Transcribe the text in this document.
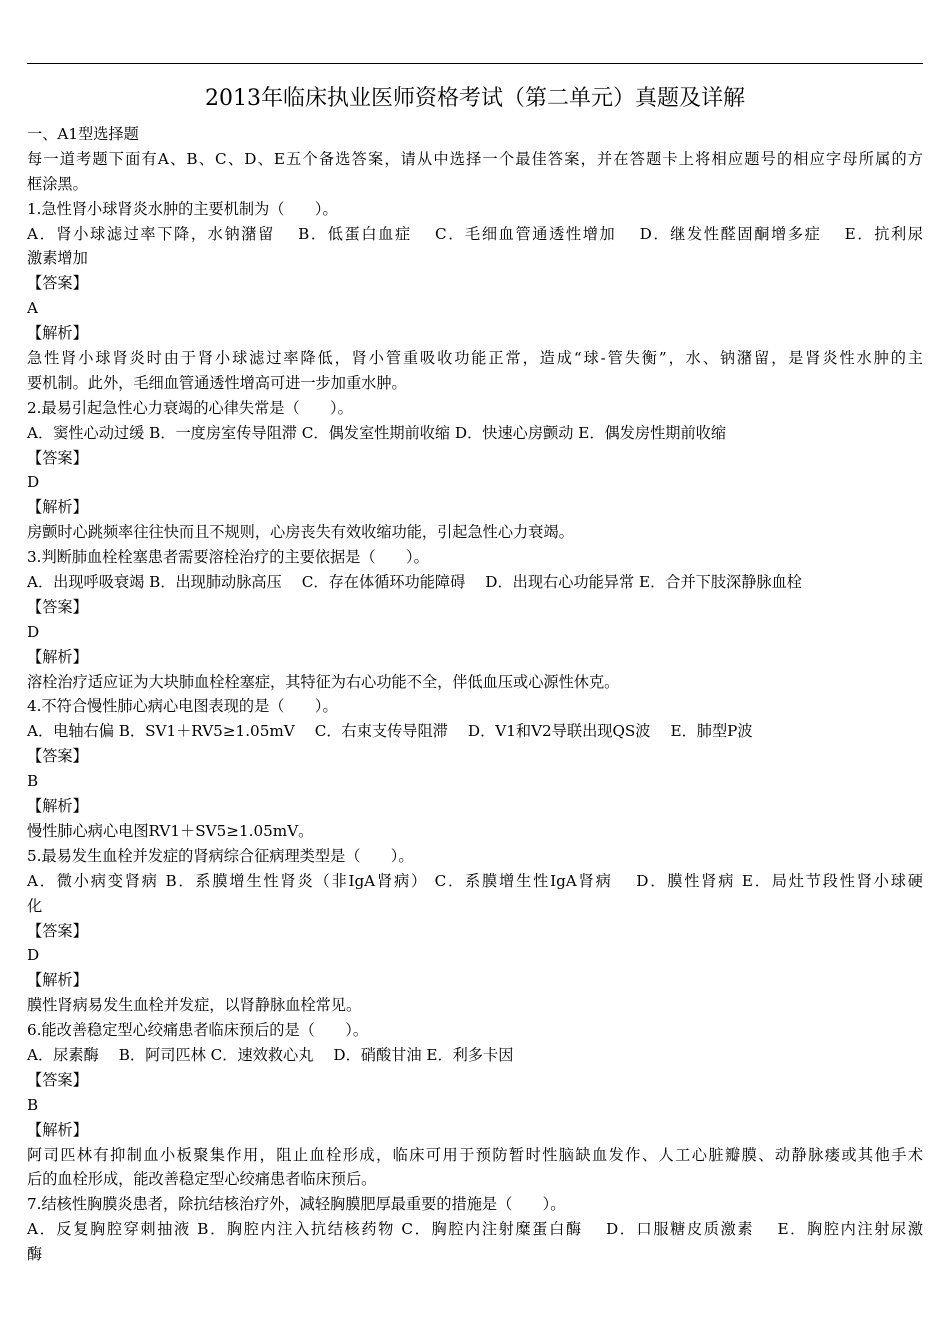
2013年临床执业医师资格考试（第二单元）真题及详解
一、A1型选择题
每一道考题下面有A、B、C、D、E五个备选答案，请从中选择一个最佳答案，并在答题卡上将相应题号的相应字母所属的方
框涂黑。
1.急性肾小球肾炎水肿的主要机制为（　　）。
A．肾小球滤过率下降，水钠潴留　 B．低蛋白血症　 C．毛细血管通透性增加　 D．继发性醛固酮增多症　 E．抗利尿
激素增加
【答案】
A
【解析】
急性肾小球肾炎时由于肾小球滤过率降低，肾小管重吸收功能正常，造成“球-管失衡”，水、钠潴留，是肾炎性水肿的主
要机制。此外，毛细血管通透性增高可进一步加重水肿。
2.最易引起急性心力衰竭的心律失常是（　　）。
A．窦性心动过缓 B．一度房室传导阻滞 C．偶发室性期前收缩 D．快速心房颤动 E．偶发房性期前收缩
【答案】
D
【解析】
房颤时心跳频率往往快而且不规则，心房丧失有效收缩功能，引起急性心力衰竭。
3.判断肺血栓栓塞患者需要溶栓治疗的主要依据是（　　）。
A．出现呼吸衰竭 B．出现肺动脉高压　 C．存在体循环功能障碍　 D．出现右心功能异常 E．合并下肢深静脉血栓
【答案】
D
【解析】
溶栓治疗适应证为大块肺血栓栓塞症，其特征为右心功能不全，伴低血压或心源性休克。
4.不符合慢性肺心病心电图表现的是（　　）。
A．电轴右偏 B．SV1＋RV5≥1.05mV　 C．右束支传导阻滞　 D．V1和V2导联出现QS波　 E．肺型P波
【答案】
B
【解析】
慢性肺心病心电图RV1＋SV5≥1.05mV。
5.最易发生血栓并发症的肾病综合征病理类型是（　　）。
A．微小病变肾病 B．系膜增生性肾炎（非IgA肾病） C．系膜增生性IgA肾病　 D．膜性肾病 E．局灶节段性肾小球硬
化
【答案】
D
【解析】
膜性肾病易发生血栓并发症，以肾静脉血栓常见。
6.能改善稳定型心绞痛患者临床预后的是（　　）。
A．尿素酶　 B．阿司匹林 C．速效救心丸　 D．硝酸甘油 E．利多卡因
【答案】
B
【解析】
阿司匹林有抑制血小板聚集作用，阻止血栓形成，临床可用于预防暂时性脑缺血发作、人工心脏瓣膜、动静脉瘘或其他手术
后的血栓形成，能改善稳定型心绞痛患者临床预后。
7.结核性胸膜炎患者，除抗结核治疗外，减轻胸膜肥厚最重要的措施是（　　）。
A．反复胸腔穿刺抽液 B．胸腔内注入抗结核药物 C．胸腔内注射糜蛋白酶　 D．口服糖皮质激素　 E．胸腔内注射尿激
酶
